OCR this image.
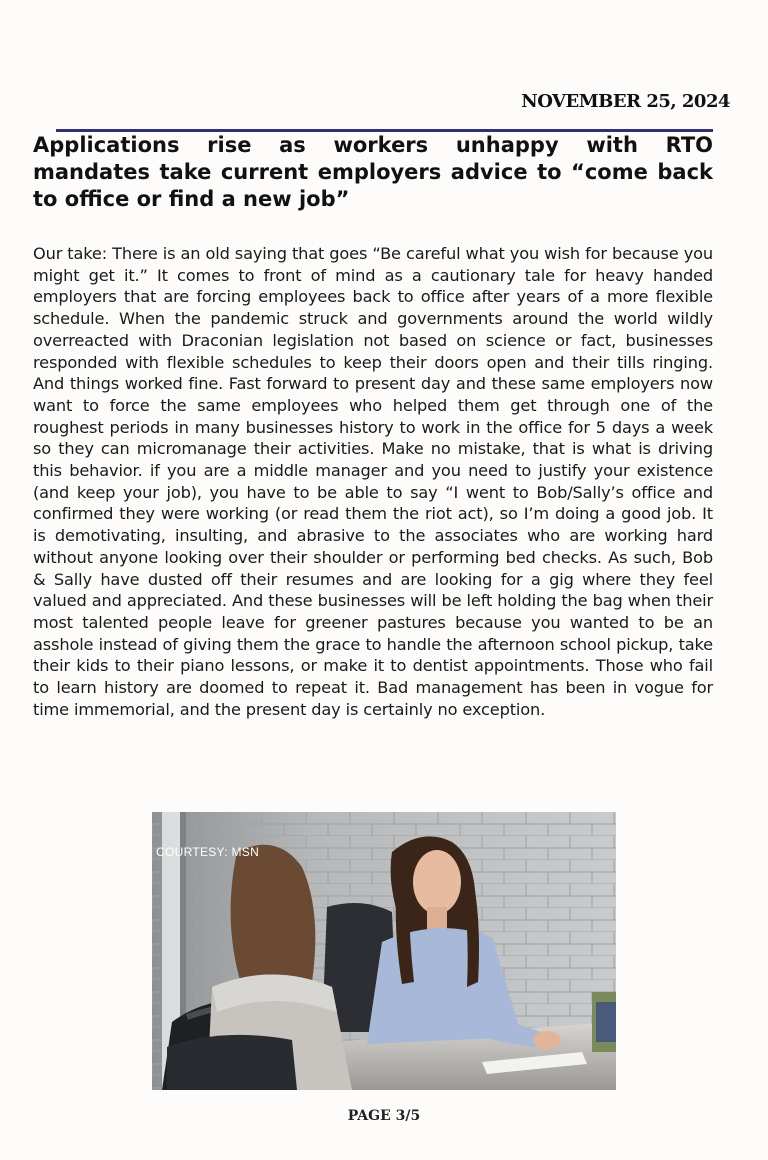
NOVEMBER 25, 2024
Applications rise as workers unhappy with RTO mandates take current employers advice to “come back to office or find a new job”

Our take: There is an old saying that goes “Be careful what you wish for because you might get it.” It comes to front of mind as a cautionary tale for heavy handed employers that are forcing employees back to office after years of a more flexible schedule. When the pandemic struck and governments around the world wildly overreacted with Draconian legislation not based on science or fact, businesses responded with flexible schedules to keep their doors open and their tills ringing. And things worked fine. Fast forward to present day and these same employers now want to force the same employees who helped them get through one of the roughest periods in many businesses history to work in the office for 5 days a week so they can micromanage their activities. Make no mistake, that is what is driving this behavior. if you are a middle manager and you need to justify your existence (and keep your job), you have to be able to say “I went to Bob/Sally’s office and confirmed they were working (or read them the riot act), so I’m doing a good job. It is demotivating, insulting, and abrasive to the associates who are working hard without anyone looking over their shoulder or performing bed checks. As such, Bob & Sally have dusted off their resumes and are looking for a gig where they feel valued and appreciated. And these businesses will be left holding the bag when their most talented people leave for greener pastures because you wanted to be an asshole instead of giving them the grace to handle the afternoon school pickup, take their kids to their piano lessons, or make it to dentist appointments. Those who fail to learn history are doomed to repeat it. Bad management has been in vogue for time immemorial, and the present day is certainly no exception.

COURTESY: MSN
PAGE 3/5
